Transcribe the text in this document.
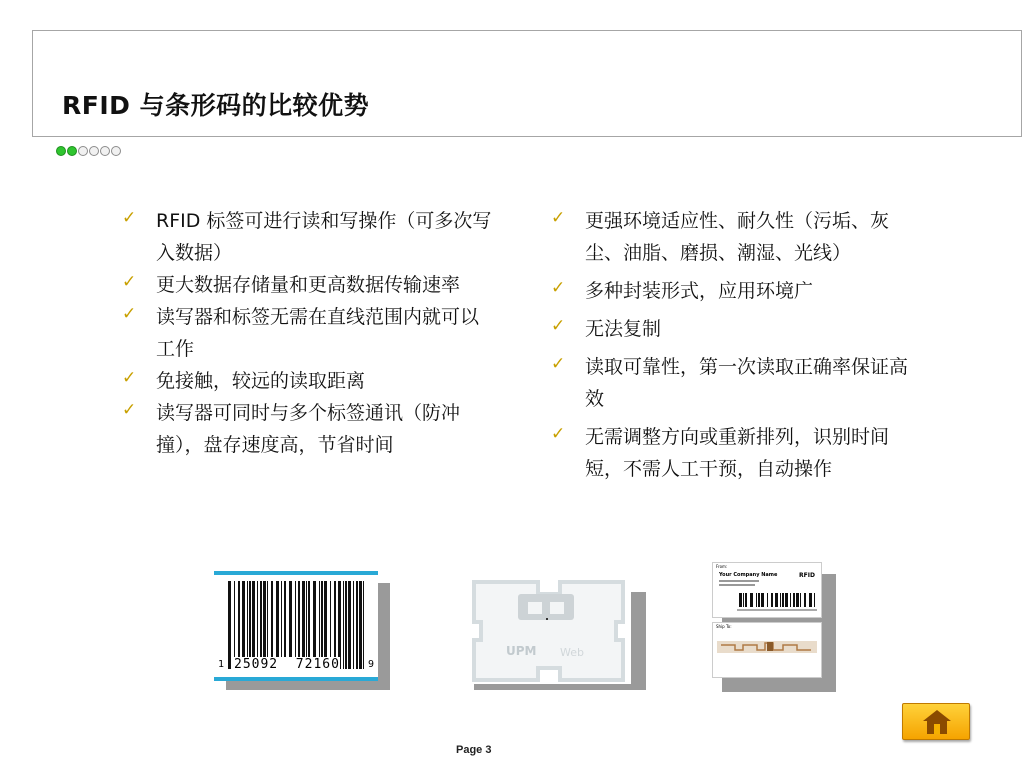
RFID 与条形码的比较优势
✓ RFID 标签可进行读和写操作（可多次写入数据）
✓ 更大数据存储量和更高数据传输速率
✓ 读写器和标签无需在直线范围内就可以工作
✓ 免接触，较远的读取距离
✓ 读写器可同时与多个标签通讯（防冲撞），盘存速度高，节省时间
✓ 更强环境适应性、耐久性（污垢、灰尘、油脂、磨损、潮湿、光线）
✓ 多种封装形式，应用环境广
✓ 无法复制
✓ 读取可靠性，第一次读取正确率保证高效
✓ 无需调整方向或重新排列，识别时间短，不需人工干预，自动操作
1 25092  72160	9
UPM Web
From:
Your Company Name	RFID
Ship To:
Page 3
